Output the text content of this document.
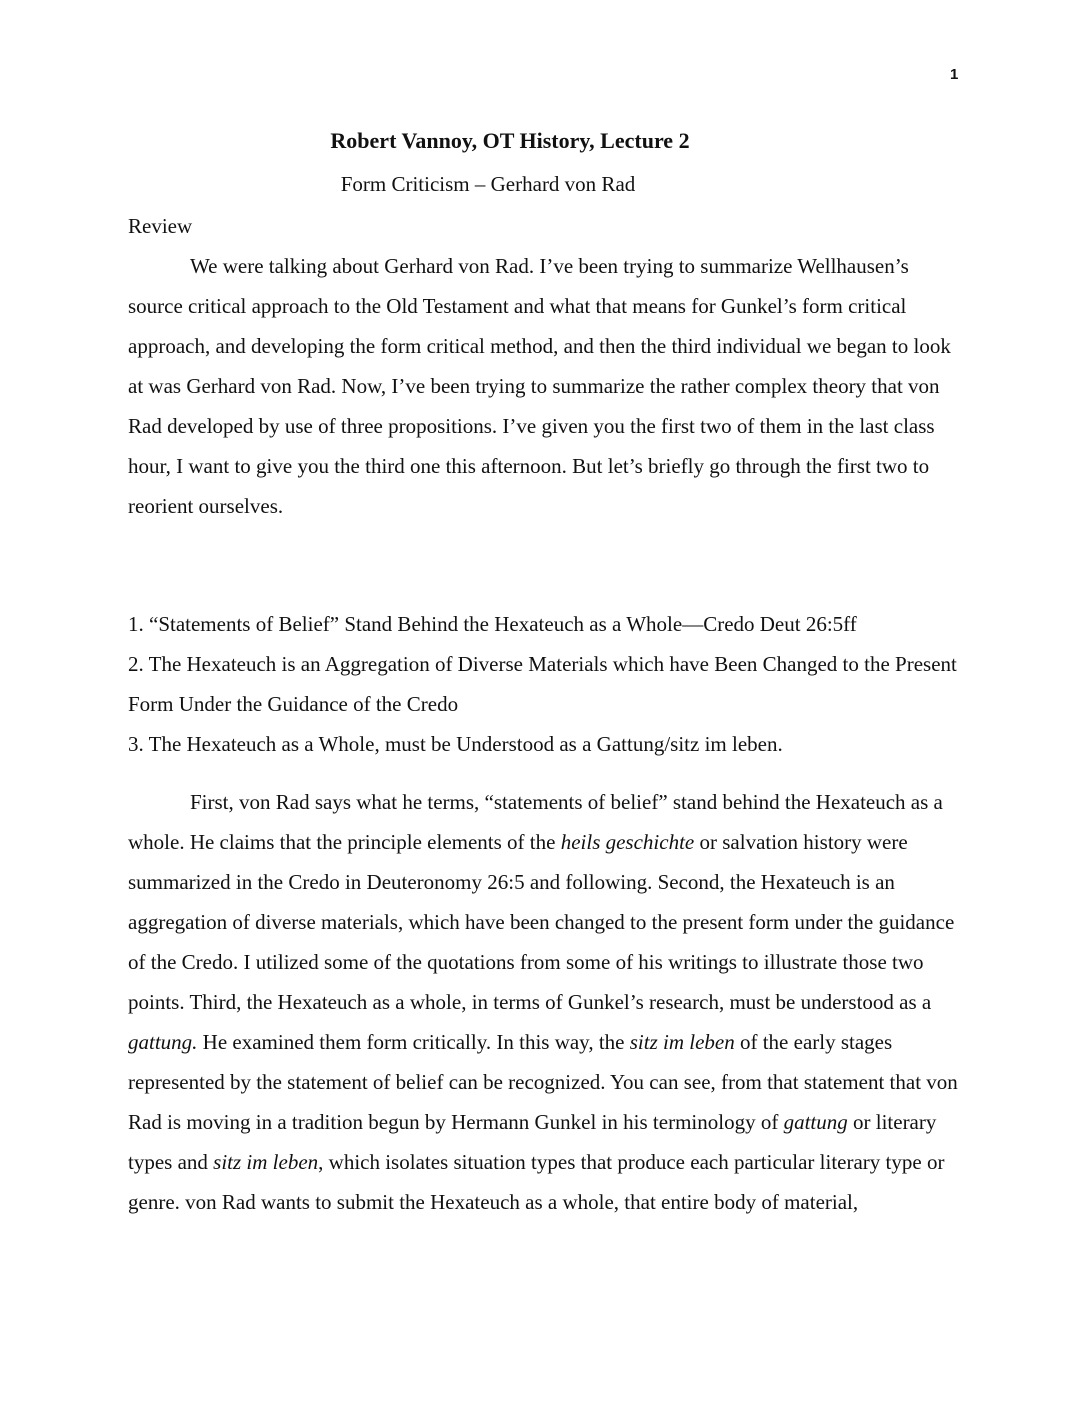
1
Robert Vannoy, OT History, Lecture 2
Form Criticism – Gerhard von Rad

Review

We were talking about Gerhard von Rad. I’ve been trying to summarize Wellhausen’s source critical approach to the Old Testament and what that means for Gunkel’s form critical approach, and developing the form critical method, and then the third individual we began to look at was Gerhard von Rad. Now, I’ve been trying to summarize the rather complex theory that von Rad developed by use of three propositions. I’ve given you the first two of them in the last class hour, I want to give you the third one this afternoon. But let’s briefly go through the first two to reorient ourselves.

1. “Statements of Belief” Stand Behind the Hexateuch as a Whole—Credo Deut 26:5ff

2. The Hexateuch is an Aggregation of Diverse Materials which have Been Changed to the Present Form Under the Guidance of the Credo

3. The Hexateuch as a Whole, must be Understood as a Gattung/sitz im leben.

First, von Rad says what he terms, “statements of belief” stand behind the Hexateuch as a whole. He claims that the principle elements of the heils geschichte or salvation history were summarized in the Credo in Deuteronomy 26:5 and following. Second, the Hexateuch is an aggregation of diverse materials, which have been changed to the present form under the guidance of the Credo. I utilized some of the quotations from some of his writings to illustrate those two points. Third, the Hexateuch as a whole, in terms of Gunkel’s research, must be understood as a gattung. He examined them form critically. In this way, the sitz im leben of the early stages represented by the statement of belief can be recognized. You can see, from that statement that von Rad is moving in a tradition begun by Hermann Gunkel in his terminology of gattung or literary types and sitz im leben, which isolates situation types that produce each particular literary type or genre. von Rad wants to submit the Hexateuch as a whole, that entire body of material,
